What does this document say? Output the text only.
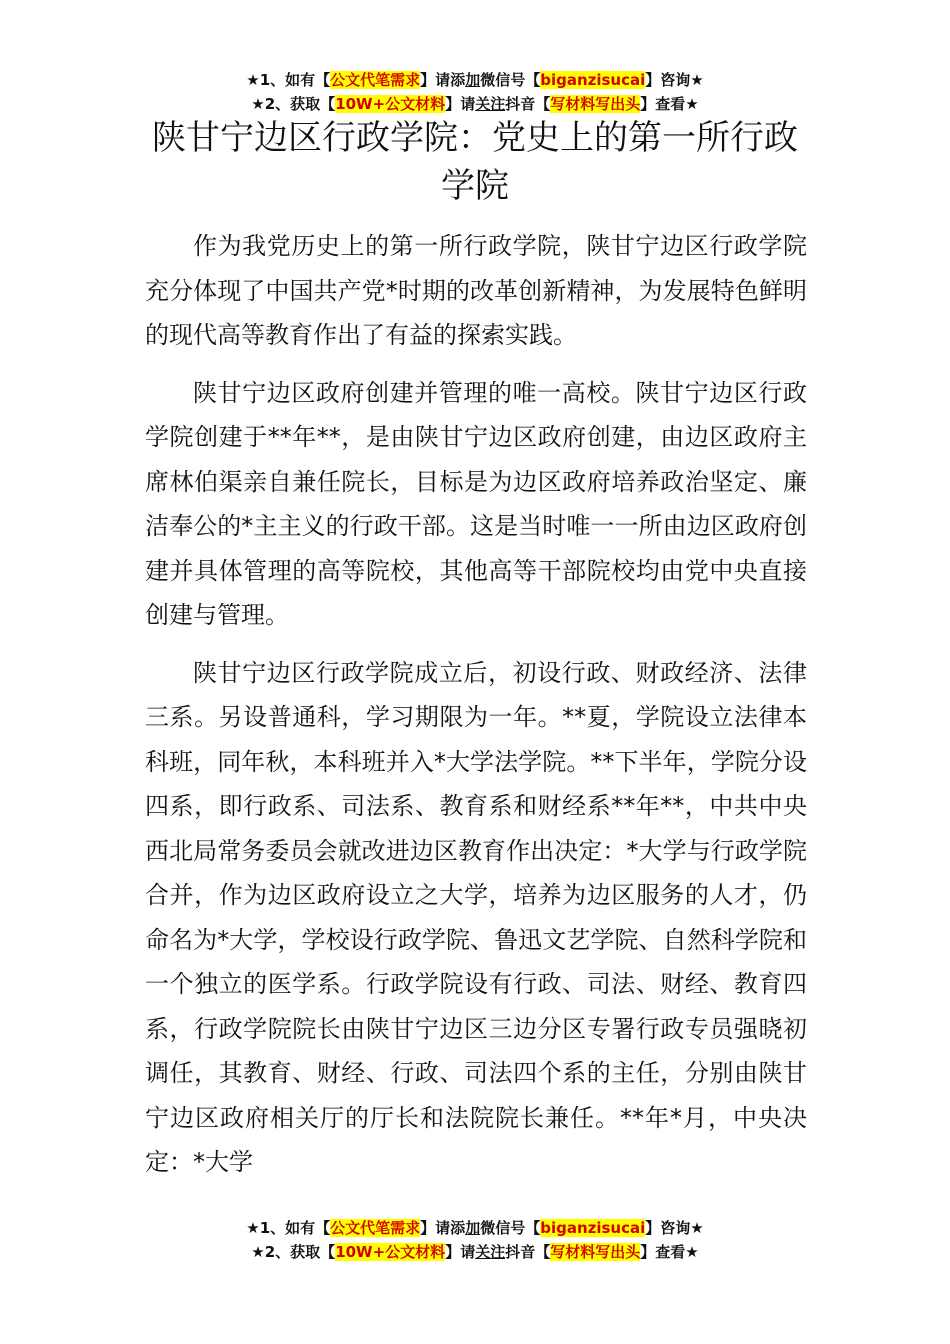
★1、如有【公文代笔需求】请添加微信号【biganzisucai】咨询★
★2、获取【10W+公文材料】请关注抖音【写材料写出头】查看★
陕甘宁边区行政学院：党史上的第一所行政学院

作为我党历史上的第一所行政学院，陕甘宁边区行政学院充分体现了中国共产党*时期的改革创新精神，为发展特色鲜明的现代高等教育作出了有益的探索实践。

陕甘宁边区政府创建并管理的唯一高校。陕甘宁边区行政学院创建于**年**，是由陕甘宁边区政府创建，由边区政府主席林伯渠亲自兼任院长，目标是为边区政府培养政治坚定、廉洁奉公的*主主义的行政干部。这是当时唯一一所由边区政府创建并具体管理的高等院校，其他高等干部院校均由党中央直接创建与管理。

陕甘宁边区行政学院成立后，初设行政、财政经济、法律三系。另设普通科，学习期限为一年。**夏，学院设立法律本科班，同年秋，本科班并入*大学法学院。**下半年，学院分设四系，即行政系、司法系、教育系和财经系**年**，中共中央西北局常务委员会就改进边区教育作出决定：*大学与行政学院合并，作为边区政府设立之大学，培养为边区服务的人才，仍命名为*大学，学校设行政学院、鲁迅文艺学院、自然科学院和一个独立的医学系。行政学院设有行政、司法、财经、教育四系，行政学院院长由陕甘宁边区三边分区专署行政专员强晓初调任，其教育、财经、行政、司法四个系的主任，分别由陕甘宁边区政府相关厅的厅长和法院院长兼任。**年*月，中央决定：*大学

★1、如有【公文代笔需求】请添加微信号【biganzisucai】咨询★
★2、获取【10W+公文材料】请关注抖音【写材料写出头】查看★
